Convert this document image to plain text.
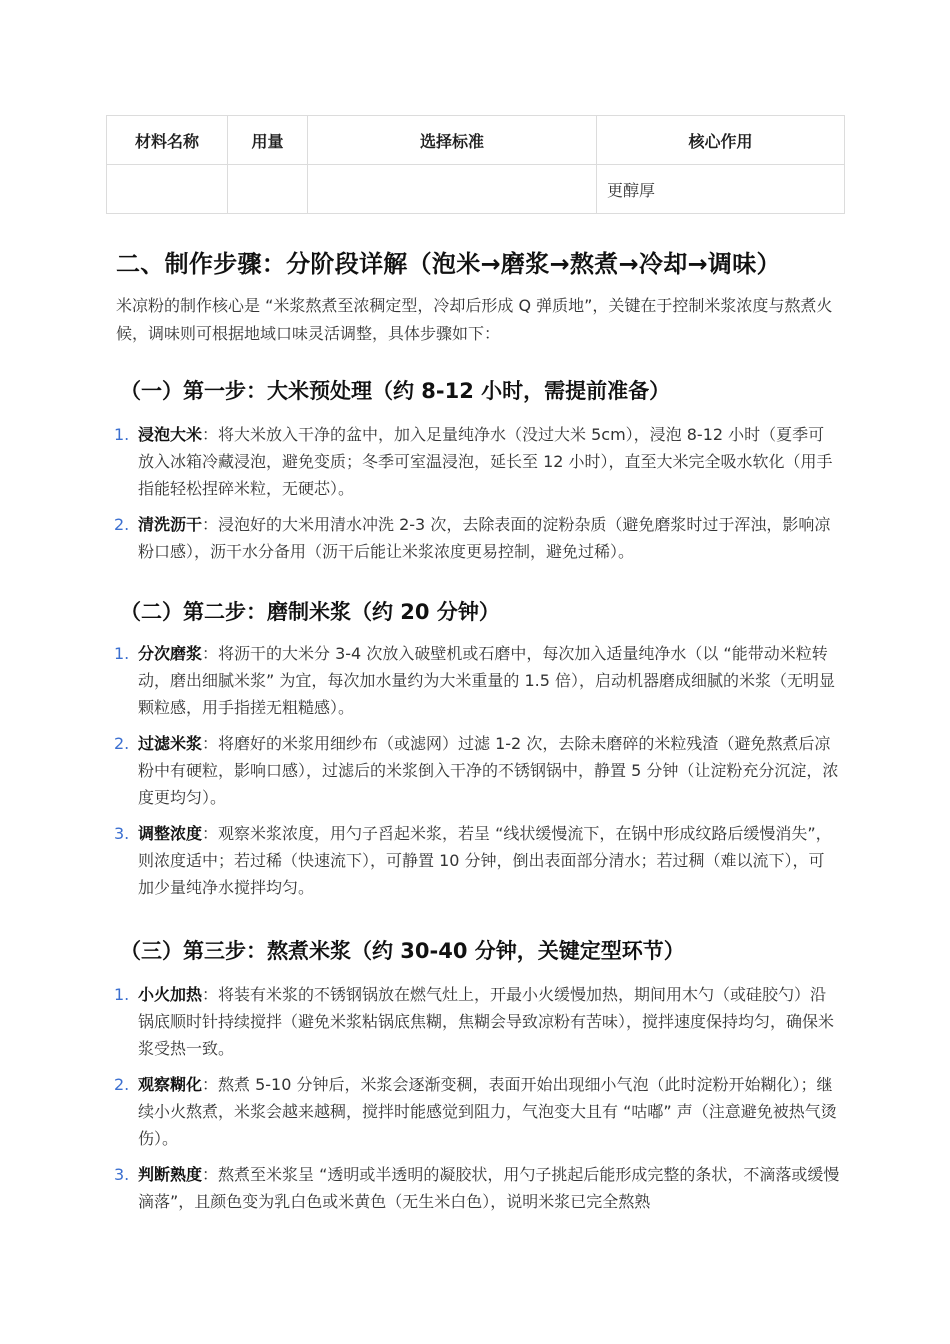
材料名称	用量	选择标准	核心作用
			更醇厚
二、制作步骤：分阶段详解（泡米→磨浆→熬煮→冷却→调味）

米凉粉的制作核心是 “米浆熬煮至浓稠定型，冷却后形成 Q 弹质地”，关键在于控制米浆浓度与熬煮火候，调味则可根据地域口味灵活调整，具体步骤如下：

（一）第一步：大米预处理（约 8-12 小时，需提前准备）
1. 浸泡大米：将大米放入干净的盆中，加入足量纯净水（没过大米 5cm），浸泡 8-12 小时（夏季可放入冰箱冷藏浸泡，避免变质；冬季可室温浸泡，延长至 12 小时），直至大米完全吸水软化（用手指能轻松捏碎米粒，无硬芯）。
2. 清洗沥干：浸泡好的大米用清水冲洗 2-3 次，去除表面的淀粉杂质（避免磨浆时过于浑浊，影响凉粉口感），沥干水分备用（沥干后能让米浆浓度更易控制，避免过稀）。
（二）第二步：磨制米浆（约 20 分钟）
1. 分次磨浆：将沥干的大米分 3-4 次放入破壁机或石磨中，每次加入适量纯净水（以 “能带动米粒转动，磨出细腻米浆” 为宜，每次加水量约为大米重量的 1.5 倍），启动机器磨成细腻的米浆（无明显颗粒感，用手指搓无粗糙感）。
2. 过滤米浆：将磨好的米浆用细纱布（或滤网）过滤 1-2 次，去除未磨碎的米粒残渣（避免熬煮后凉粉中有硬粒，影响口感），过滤后的米浆倒入干净的不锈钢锅中，静置 5 分钟（让淀粉充分沉淀，浓度更均匀）。
3. 调整浓度：观察米浆浓度，用勺子舀起米浆，若呈 “线状缓慢流下，在锅中形成纹路后缓慢消失”，则浓度适中；若过稀（快速流下），可静置 10 分钟，倒出表面部分清水；若过稠（难以流下），可加少量纯净水搅拌均匀。
（三）第三步：熬煮米浆（约 30-40 分钟，关键定型环节）
1. 小火加热：将装有米浆的不锈钢锅放在燃气灶上，开最小火缓慢加热，期间用木勺（或硅胶勺）沿锅底顺时针持续搅拌（避免米浆粘锅底焦糊，焦糊会导致凉粉有苦味），搅拌速度保持均匀，确保米浆受热一致。
2. 观察糊化：熬煮 5-10 分钟后，米浆会逐渐变稠，表面开始出现细小气泡（此时淀粉开始糊化）；继续小火熬煮，米浆会越来越稠，搅拌时能感觉到阻力，气泡变大且有 “咕嘟” 声（注意避免被热气烫伤）。
3. 判断熟度：熬煮至米浆呈 “透明或半透明的凝胶状，用勺子挑起后能形成完整的条状，不滴落或缓慢滴落”，且颜色变为乳白色或米黄色（无生米白色），说明米浆已完全熬熟
